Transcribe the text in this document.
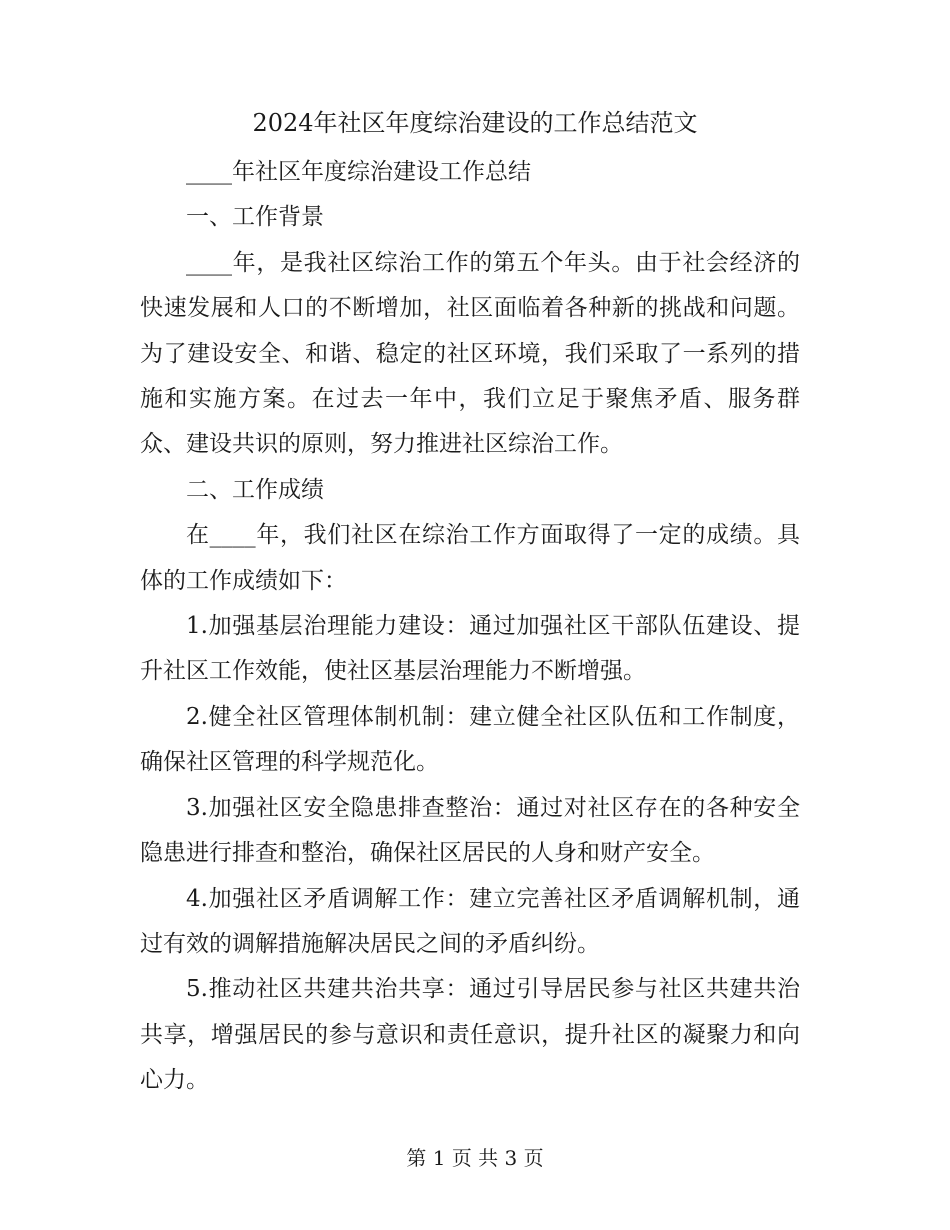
2024年社区年度综治建设的工作总结范文

____年社区年度综治建设工作总结

一、工作背景

____年，是我社区综治工作的第五个年头。由于社会经济的快速发展和人口的不断增加，社区面临着各种新的挑战和问题。为了建设安全、和谐、稳定的社区环境，我们采取了一系列的措施和实施方案。在过去一年中，我们立足于聚焦矛盾、服务群众、建设共识的原则，努力推进社区综治工作。

二、工作成绩

在____年，我们社区在综治工作方面取得了一定的成绩。具体的工作成绩如下：

1.加强基层治理能力建设：通过加强社区干部队伍建设、提升社区工作效能，使社区基层治理能力不断增强。

2.健全社区管理体制机制：建立健全社区队伍和工作制度，确保社区管理的科学规范化。

3.加强社区安全隐患排查整治：通过对社区存在的各种安全隐患进行排查和整治，确保社区居民的人身和财产安全。

4.加强社区矛盾调解工作：建立完善社区矛盾调解机制，通过有效的调解措施解决居民之间的矛盾纠纷。

5.推动社区共建共治共享：通过引导居民参与社区共建共治共享，增强居民的参与意识和责任意识，提升社区的凝聚力和向心力。

第 1 页 共 3 页
